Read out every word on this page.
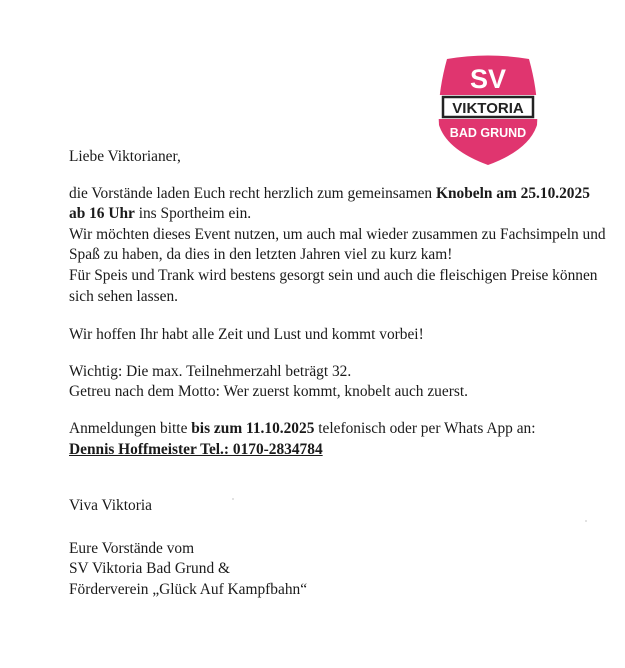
SV
VIKTORIA
BAD GRUND

Liebe Viktorianer,

die Vorstände laden Euch recht herzlich zum gemeinsamen Knobeln am 25.10.2025 ab 16 Uhr ins Sportheim ein.

Wir möchten dieses Event nutzen, um auch mal wieder zusammen zu Fachsimpeln und Spaß zu haben, da dies in den letzten Jahren viel zu kurz kam!

Für Speis und Trank wird bestens gesorgt sein und auch die fleischigen Preise können sich sehen lassen.

Wir hoffen Ihr habt alle Zeit und Lust und kommt vorbei!

Wichtig: Die max. Teilnehmerzahl beträgt 32.

Getreu nach dem Motto: Wer zuerst kommt, knobelt auch zuerst.

Anmeldungen bitte bis zum 11.10.2025 telefonisch oder per Whats App an:

Dennis Hoffmeister Tel.: 0170-2834784

Viva Viktoria

Eure Vorstände vom

SV Viktoria Bad Grund &

Förderverein „Glück Auf Kampfbahn“
